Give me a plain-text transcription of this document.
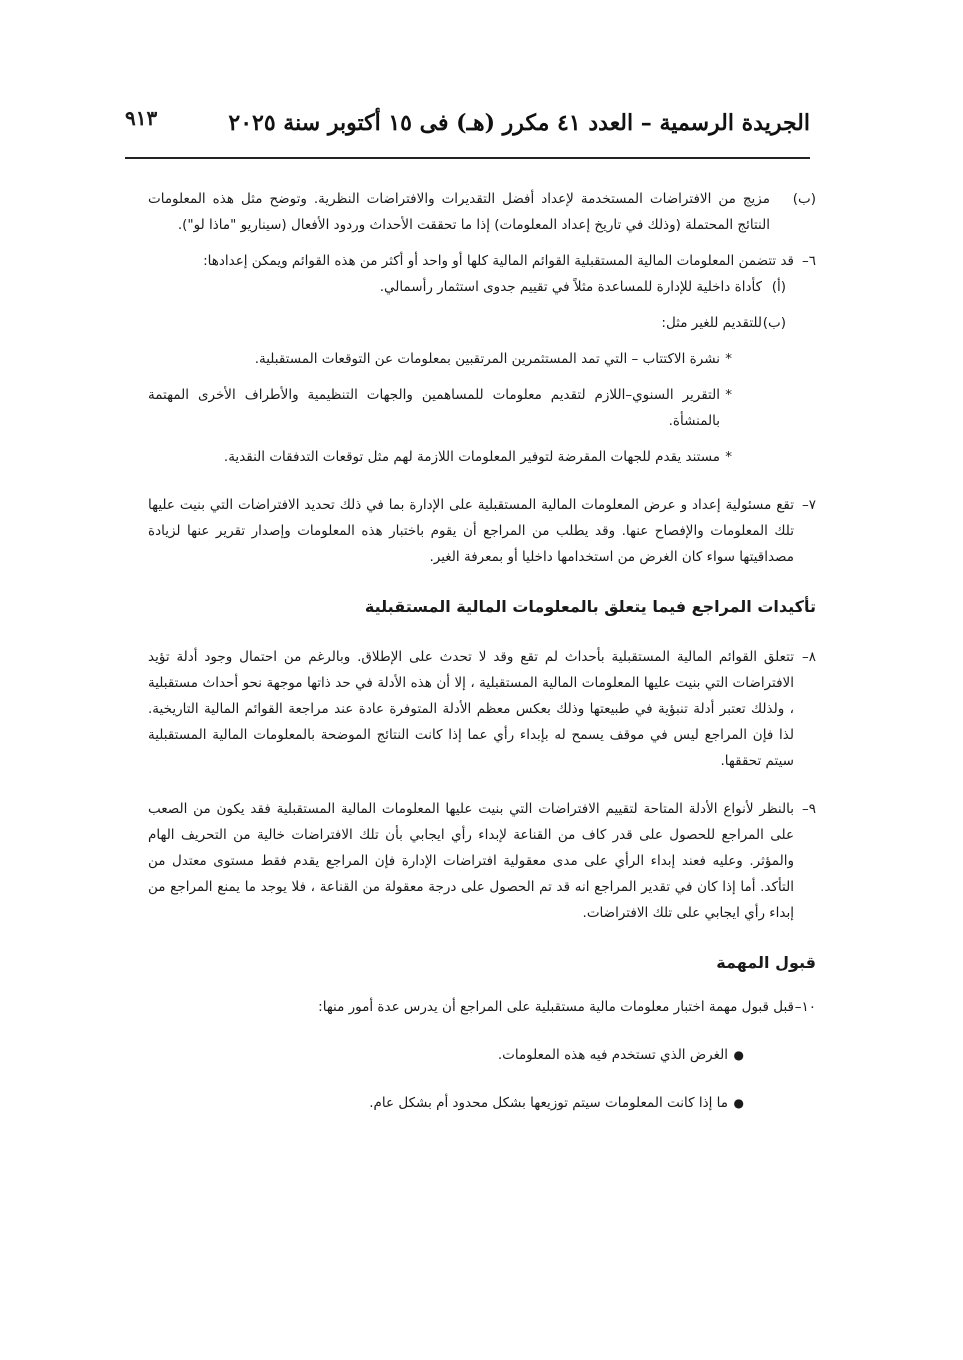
الجريدة الرسمية – العدد ٤١ مكرر (هـ) فى ١٥ أكتوبر سنة ٢٠٢٥
٩١٣

(ب)
مزيج من الافتراضات المستخدمة لإعداد أفضل التقديرات والافتراضات النظرية. وتوضح مثل هذه المعلومات النتائج المحتملة (وذلك في تاريخ إعداد المعلومات) إذا ما تحققت الأحداث وردود الأفعال (سيناريو "ماذا لو").

٦–
قد تتضمن المعلومات المالية المستقبلية القوائم المالية كلها أو واحد أو أكثر من هذه القوائم ويمكن إعدادها:

(أ)
كأداة داخلية للإدارة للمساعدة مثلاً في تقييم جدوى استثمار رأسمالي.

(ب)
للتقديم للغير مثل:

*
نشرة الاكتتاب – التي تمد المستثمرين المرتقبين بمعلومات عن التوقعات المستقبلية.

*
التقرير السنوي–اللازم لتقديم معلومات للمساهمين والجهات التنظيمية والأطراف الأخرى المهتمة بالمنشأة.

*
مستند يقدم للجهات المقرضة لتوفير المعلومات اللازمة لهم مثل توقعات التدفقات النقدية.

٧–
تقع مسئولية إعداد و عرض المعلومات المالية المستقبلية على الإدارة بما في ذلك تحديد الافتراضات التي بنيت عليها تلك المعلومات والإفصاح عنها. وقد يطلب من المراجع أن يقوم باختبار هذه المعلومات وإصدار تقرير عنها لزيادة مصداقيتها سواء كان الغرض من استخدامها داخليا أو بمعرفة الغير.

تأكيدات المراجع فيما يتعلق بالمعلومات المالية المستقبلية

٨–
تتعلق القوائم المالية المستقبلية بأحداث لم تقع وقد لا تحدث على الإطلاق. وبالرغم من احتمال وجود أدلة تؤيد الافتراضات التي بنيت عليها المعلومات المالية المستقبلية ، إلا أن هذه الأدلة في حد ذاتها موجهة نحو أحداث مستقبلية ، ولذلك تعتبر أدلة تنبؤية في طبيعتها وذلك بعكس معظم الأدلة المتوفرة عادة عند مراجعة القوائم المالية التاريخية. لذا فإن المراجع ليس في موقف يسمح له بإبداء رأي عما إذا كانت النتائج الموضحة بالمعلومات المالية المستقبلية سيتم تحققها.

٩–
بالنظر لأنواع الأدلة المتاحة لتقييم الافتراضات التي بنيت عليها المعلومات المالية المستقبلية فقد يكون من الصعب على المراجع للحصول على قدر كاف من القناعة لإبداء رأي ايجابي بأن تلك الافتراضات خالية من التحريف الهام والمؤثر. وعليه فعند إبداء الرأي على مدى معقولية افتراضات الإدارة فإن المراجع يقدم فقط مستوى معتدل من التأكد. أما إذا كان في تقدير المراجع انه قد تم الحصول على درجة معقولة من القناعة ، فلا يوجد ما يمنع المراجع من إبداء رأي ايجابي على تلك الافتراضات.

قبول المهمة

١٠–
قبل قبول مهمة اختبار معلومات مالية مستقبلية على المراجع أن يدرس عدة أمور منها:

●
الغرض الذي تستخدم فيه هذه المعلومات.

●
ما إذا كانت المعلومات سيتم توزيعها بشكل محدود أم بشكل عام.
